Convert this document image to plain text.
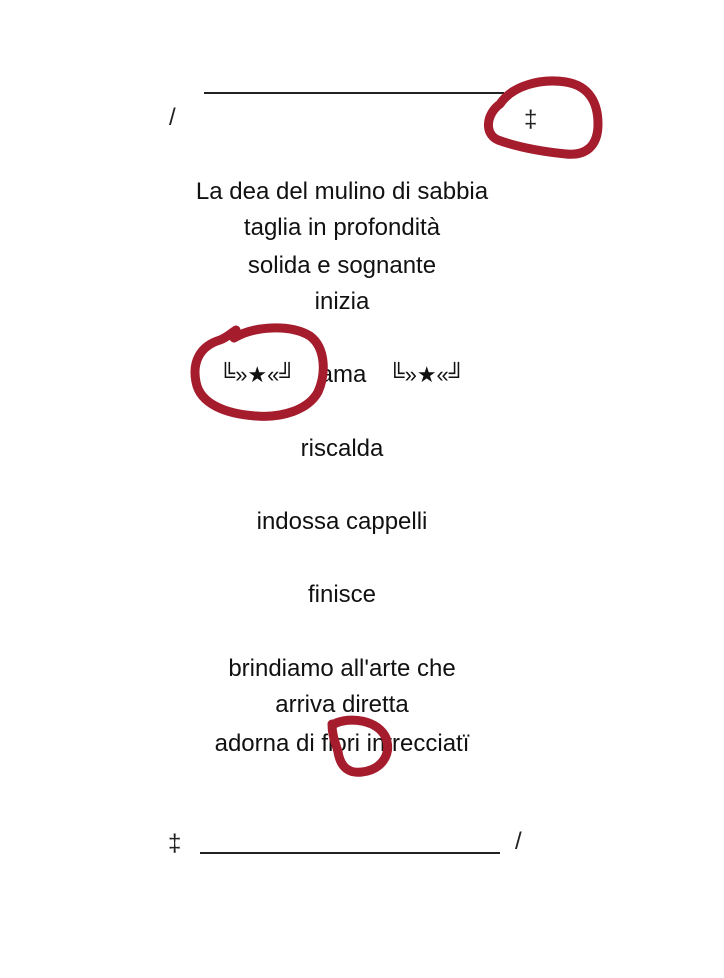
/	‡
La dea del mulino di sabbia
taglia in profondità
solida e sognante
inizia
╚»★«╝ ama ╚»★«╝
riscalda
indossa cappelli
finisce
brindiamo all'arte che
arriva diretta
adorna di fiori intrecciatï
‡	/
